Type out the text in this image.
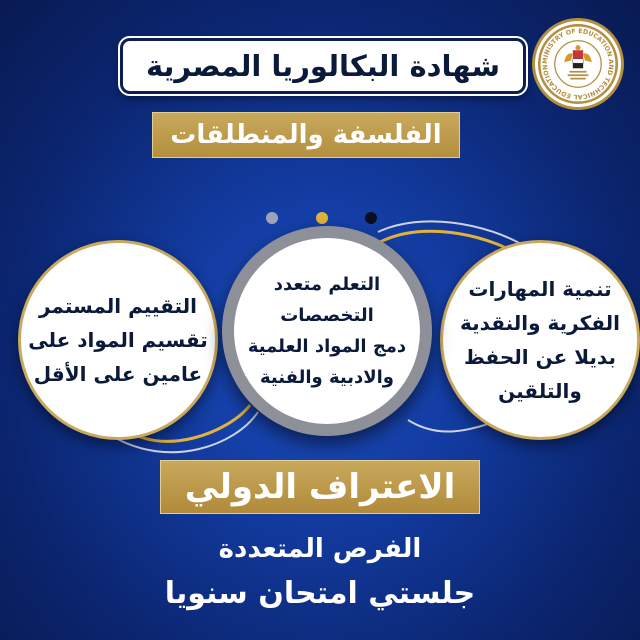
شهادة البكالوريا المصرية
الفلسفة والمنطلقات
MINISTRY OF EDUCATION AND TECHNICAL EDUCATION
التقييم المستمر
تقسيم المواد على
عامين على الأقل
تنمية المهارات
الفكرية والنقدية
بديلا عن الحفظ
والتلقين
التعلم متعدد
التخصصات
دمج المواد العلمية
والادبية والفنية
الاعتراف الدولي
الفرص المتعددة
جلستي امتحان سنويا
